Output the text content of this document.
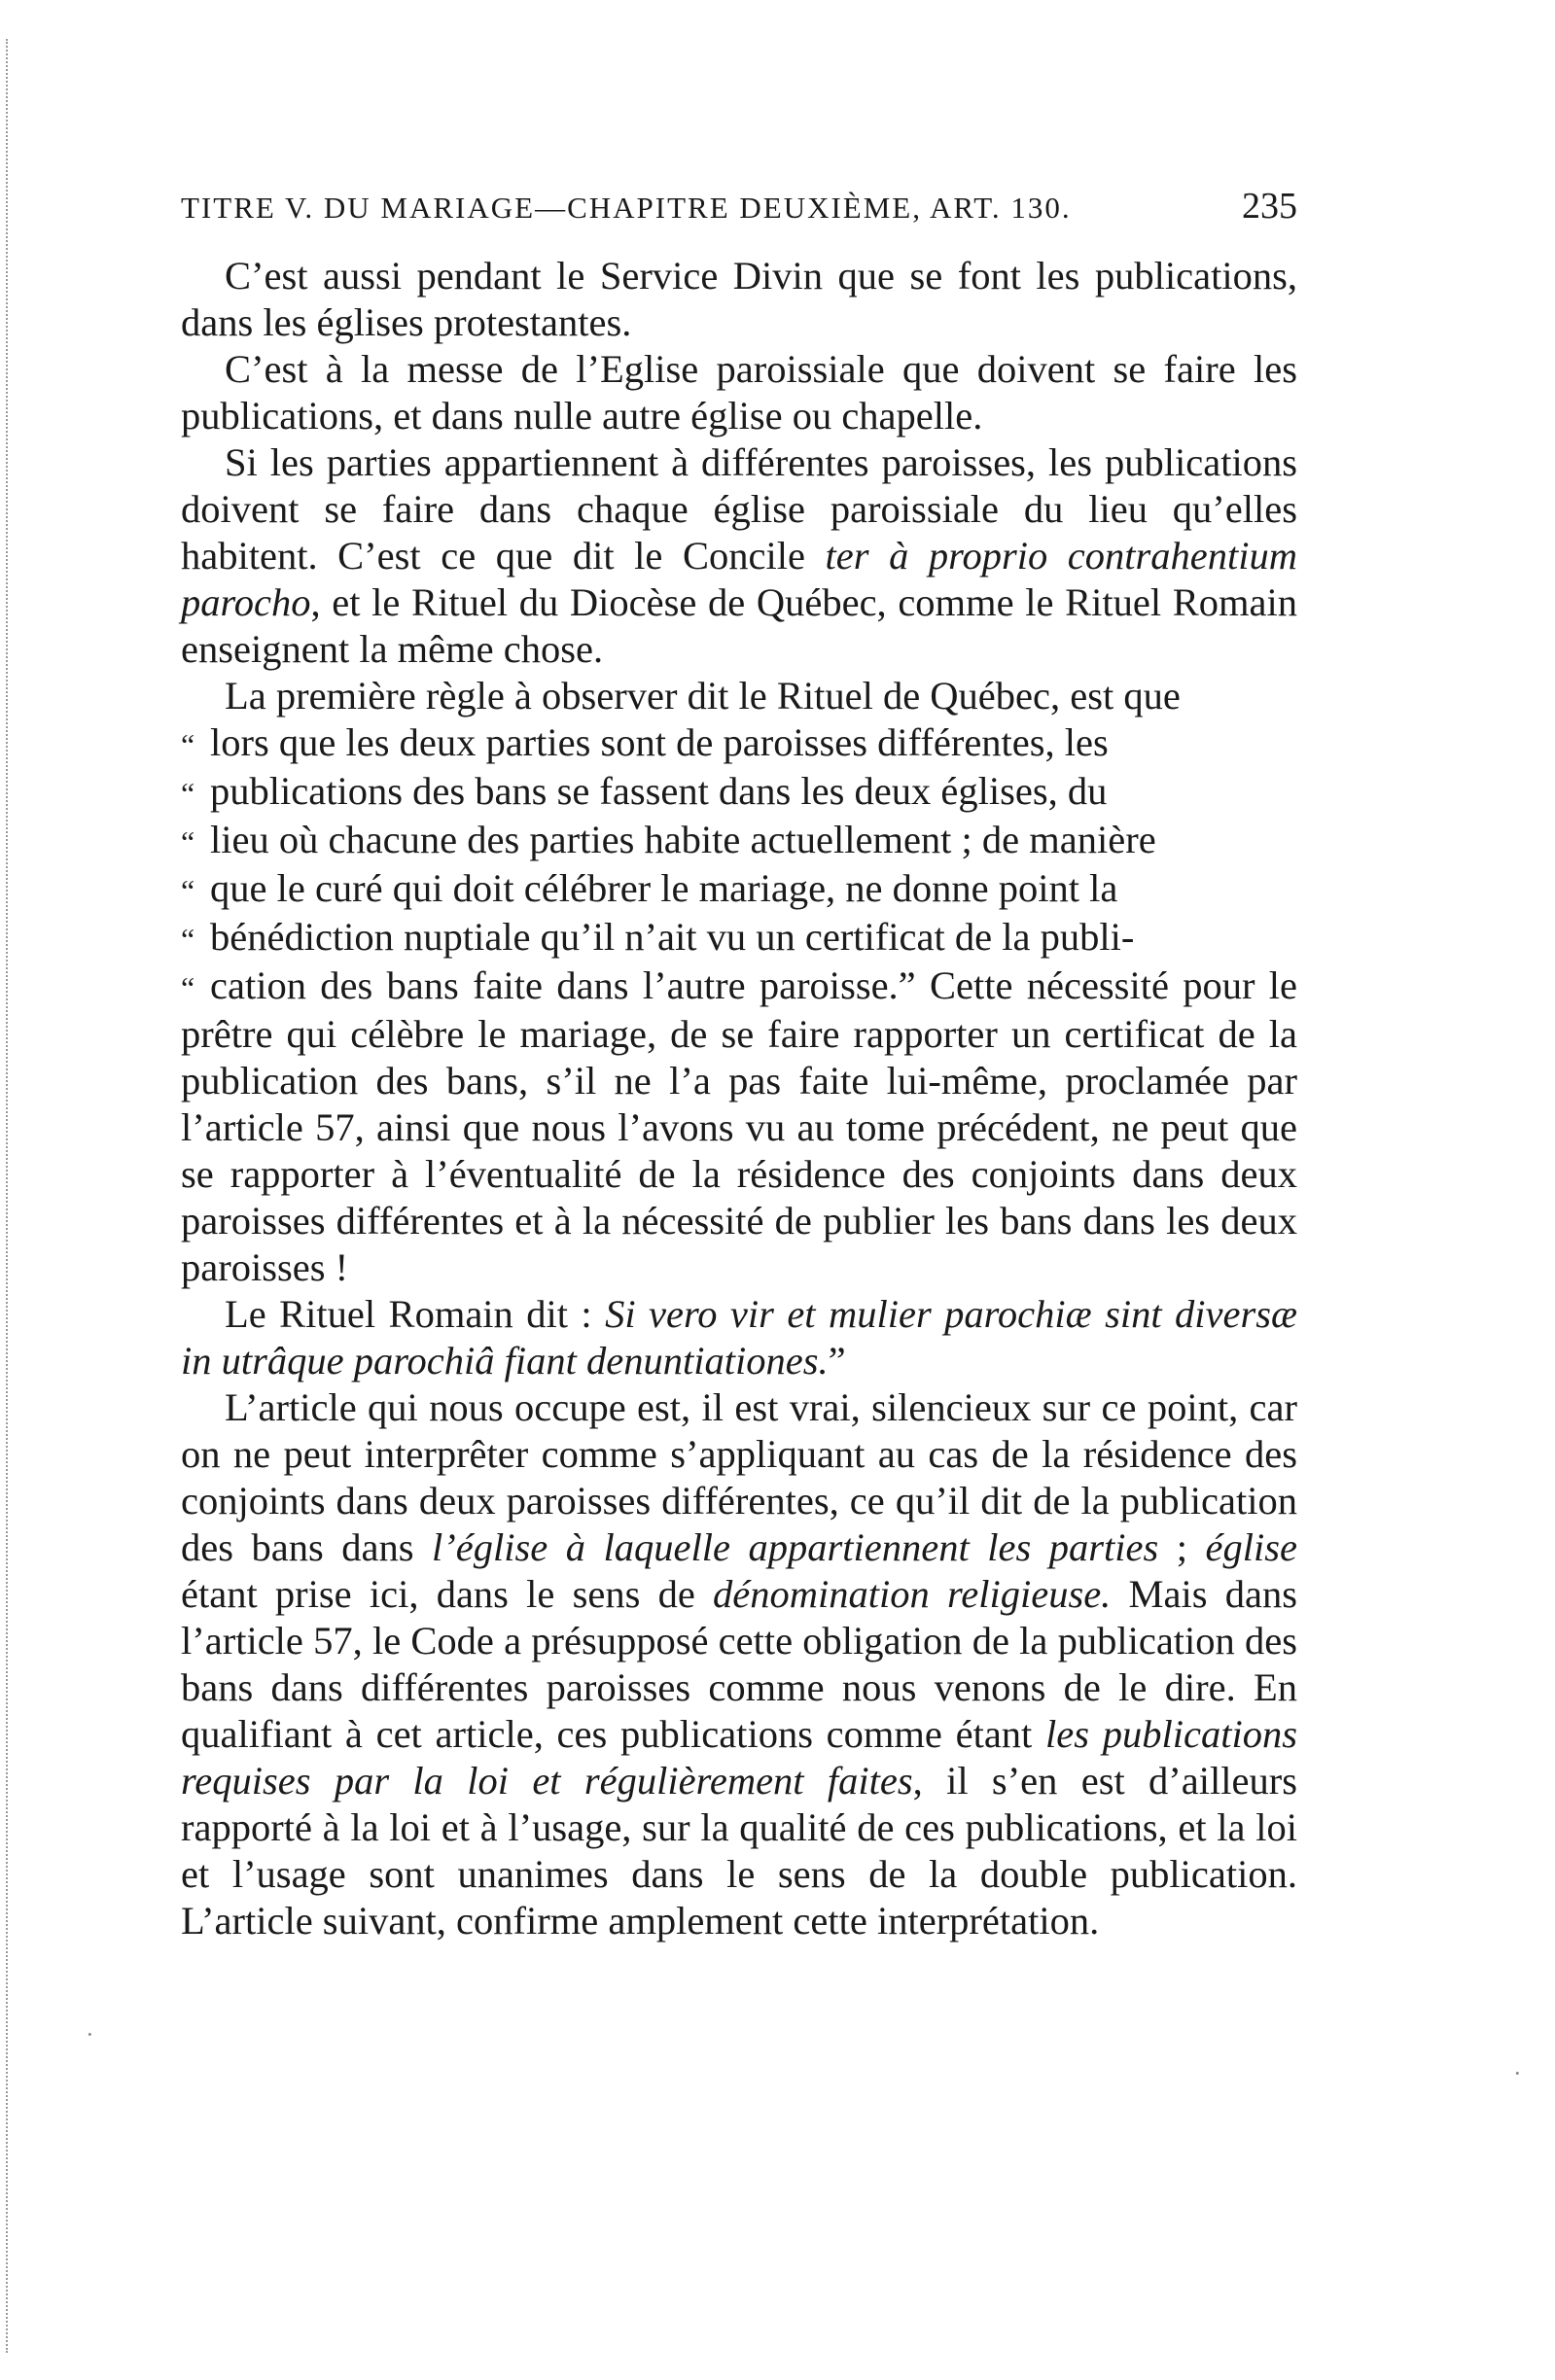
TITRE V. DU MARIAGE—CHAPITRE DEUXIÈME, ART. 130.	235

C’est aussi pendant le Service Divin que se font les publications, dans les églises protestantes.

C’est à la messe de l’Eglise paroissiale que doivent se faire les publications, et dans nulle autre église ou chapelle.

Si les parties appartiennent à différentes paroisses, les publications doivent se faire dans chaque église paroissiale du lieu qu’elles habitent. C’est ce que dit le Concile ter à proprio contrahentium parocho, et le Rituel du Diocèse de Québec, comme le Rituel Romain enseignent la même chose.

La première règle à observer dit le Rituel de Québec, est que
“ lors que les deux parties sont de paroisses différentes, les
“ publications des bans se fassent dans les deux églises, du
“ lieu où chacune des parties habite actuellement ; de manière
“ que le curé qui doit célébrer le mariage, ne donne point la
“ bénédiction nuptiale qu’il n’ait vu un certificat de la publi-
“ cation des bans faite dans l’autre paroisse.” Cette nécessité pour le prêtre qui célèbre le mariage, de se faire rapporter un certificat de la publication des bans, s’il ne l’a pas faite lui-même, proclamée par l’article 57, ainsi que nous l’avons vu au tome précédent, ne peut que se rapporter à l’éventualité de la résidence des conjoints dans deux paroisses différentes et à la nécessité de publier les bans dans les deux paroisses !

Le Rituel Romain dit : Si vero vir et mulier parochiæ sint diversæ in utrâque parochiâ fiant denuntiationes.”

L’article qui nous occupe est, il est vrai, silencieux sur ce point, car on ne peut interprêter comme s’appliquant au cas de la résidence des conjoints dans deux paroisses différentes, ce qu’il dit de la publication des bans dans l’église à laquelle appartiennent les parties ; église étant prise ici, dans le sens de dénomination religieuse. Mais dans l’article 57, le Code a présupposé cette obligation de la publication des bans dans différentes paroisses comme nous venons de le dire. En qualifiant à cet article, ces publications comme étant les publications requises par la loi et régulièrement faites, il s’en est d’ailleurs rapporté à la loi et à l’usage, sur la qualité de ces publications, et la loi et l’usage sont unanimes dans le sens de la double publication. L’article suivant, confirme amplement cette interprétation.

·
·
